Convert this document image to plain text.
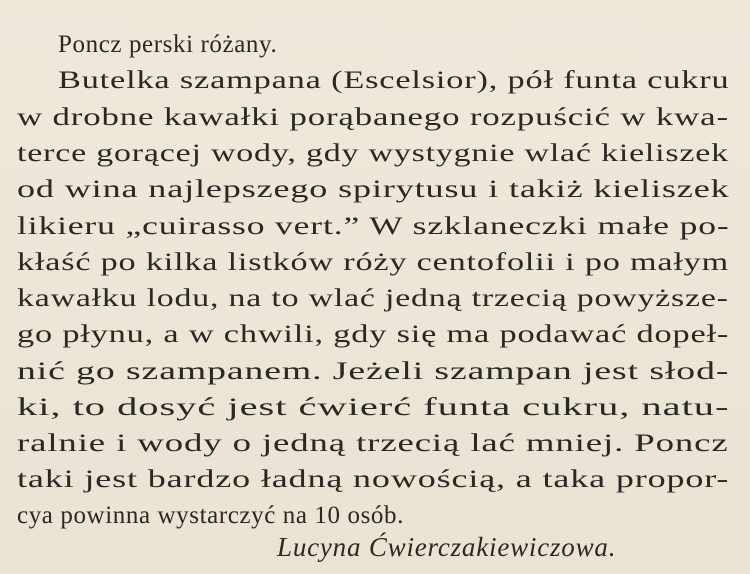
Poncz perski różany.
Butelka szampana (Escelsior), pół funta cukru
w drobne kawałki porąbanego rozpuścić w kwa-
terce gorącej wody, gdy wystygnie wlać kieliszek
od wina najlepszego spirytusu i takiż kieliszek
likieru „cuirasso vert.” W szklaneczki małe po-
kłaść po kilka listków róży centofolii i po małym
kawałku lodu, na to wlać jedną trzecią powyższe-
go płynu, a w chwili, gdy się ma podawać dopeł-
nić go szampanem. Jeżeli szampan jest słod-
ki, to dosyć jest ćwierć funta cukru, natu-
ralnie i wody o jedną trzecią lać mniej. Poncz
taki jest bardzo ładną nowością, a taka propor-
cya powinna wystarczyć na 10 osób.
Lucyna Ćwierczakiewiczowa.
